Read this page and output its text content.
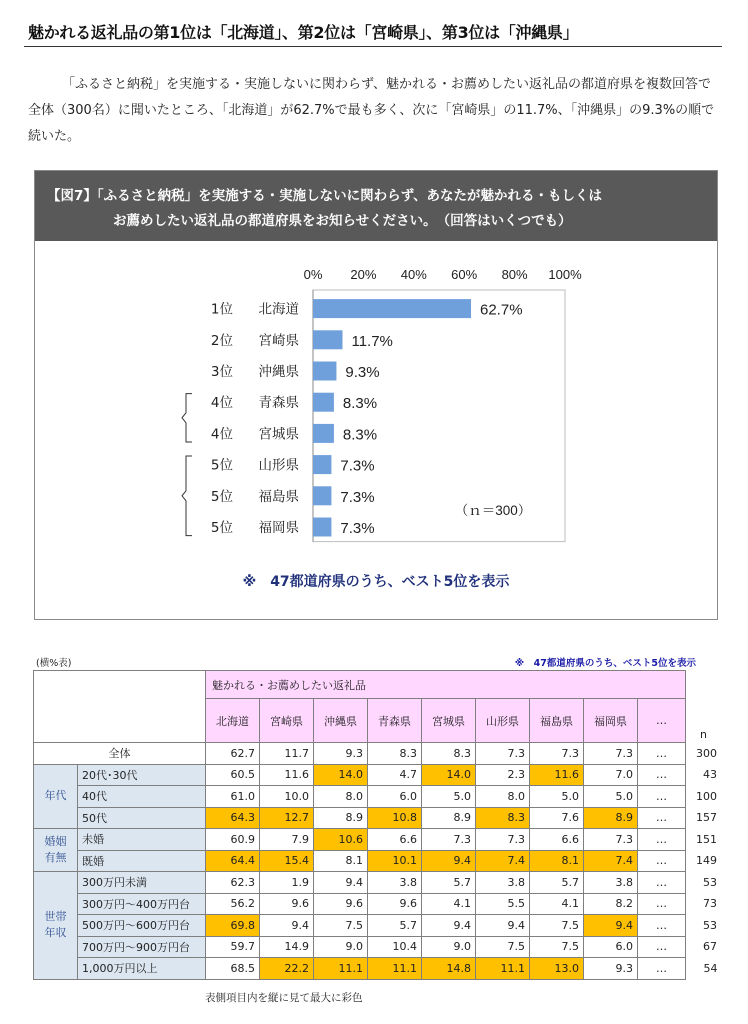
魅かれる返礼品の第1位は「北海道」、第2位は「宮崎県」、第3位は「沖縄県」

「ふるさと納税」を実施する・実施しないに関わらず、魅かれる・お薦めしたい返礼品の都道府県を複数回答で全体（300名）に聞いたところ、「北海道」が62.7%で最も多く、次に「宮崎県」の11.7%、「沖縄県」の9.3%の順で続いた。

【図7】「ふるさと納税」を実施する・実施しないに関わらず、あなたが魅かれる・もしくは
お薦めしたい返礼品の都道府県をお知らせください。　（回答はいくつでも）
0% 20% 40% 60% 80% 100%
1位 北海道	62.7%
2位 宮崎県	11.7%
3位 沖縄県	9.3%
4位 青森県	8.3%
4位 宮城県	8.3%
5位 山形県	7.3%
5位 福島県	7.3%
5位 福岡県	7.3%
（ｎ＝300）
※　47都道府県のうち、ベスト5位を表示
(横%表)	※　47都道府県のうち、ベスト5位を表示
		魅かれる・お薦めしたい返礼品									
		北海道	宮崎県	沖縄県	青森県	宮城県	山形県	福島県	福岡県	…	n
全体		62.7	11.7	9.3	8.3	8.3	7.3	7.3	7.3	…	300
年代	20代･30代	60.5	11.6	14.0	4.7	14.0	2.3	11.6	7.0	…	43
	40代	61.0	10.0	8.0	6.0	5.0	8.0	5.0	5.0	…	100
	50代	64.3	12.7	8.9	10.8	8.9	8.3	7.6	8.9	…	157
婚姻
有無	未婚	60.9	7.9	10.6	6.6	7.3	7.3	6.6	7.3	…	151
	既婚	64.4	15.4	8.1	10.1	9.4	7.4	8.1	7.4	…	149
世帯
年収	300万円未満	62.3	1.9	9.4	3.8	5.7	3.8	5.7	3.8	…	53
	300万円～400万円台	56.2	9.6	9.6	9.6	4.1	5.5	4.1	8.2	…	73
	500万円～600万円台	69.8	9.4	7.5	5.7	9.4	9.4	7.5	9.4	…	53
	700万円～900万円台	59.7	14.9	9.0	10.4	9.0	7.5	7.5	6.0	…	67
	1,000万円以上	68.5	22.2	11.1	11.1	14.8	11.1	13.0	9.3	…	54
表側項目内を縦に見て最大に彩色
